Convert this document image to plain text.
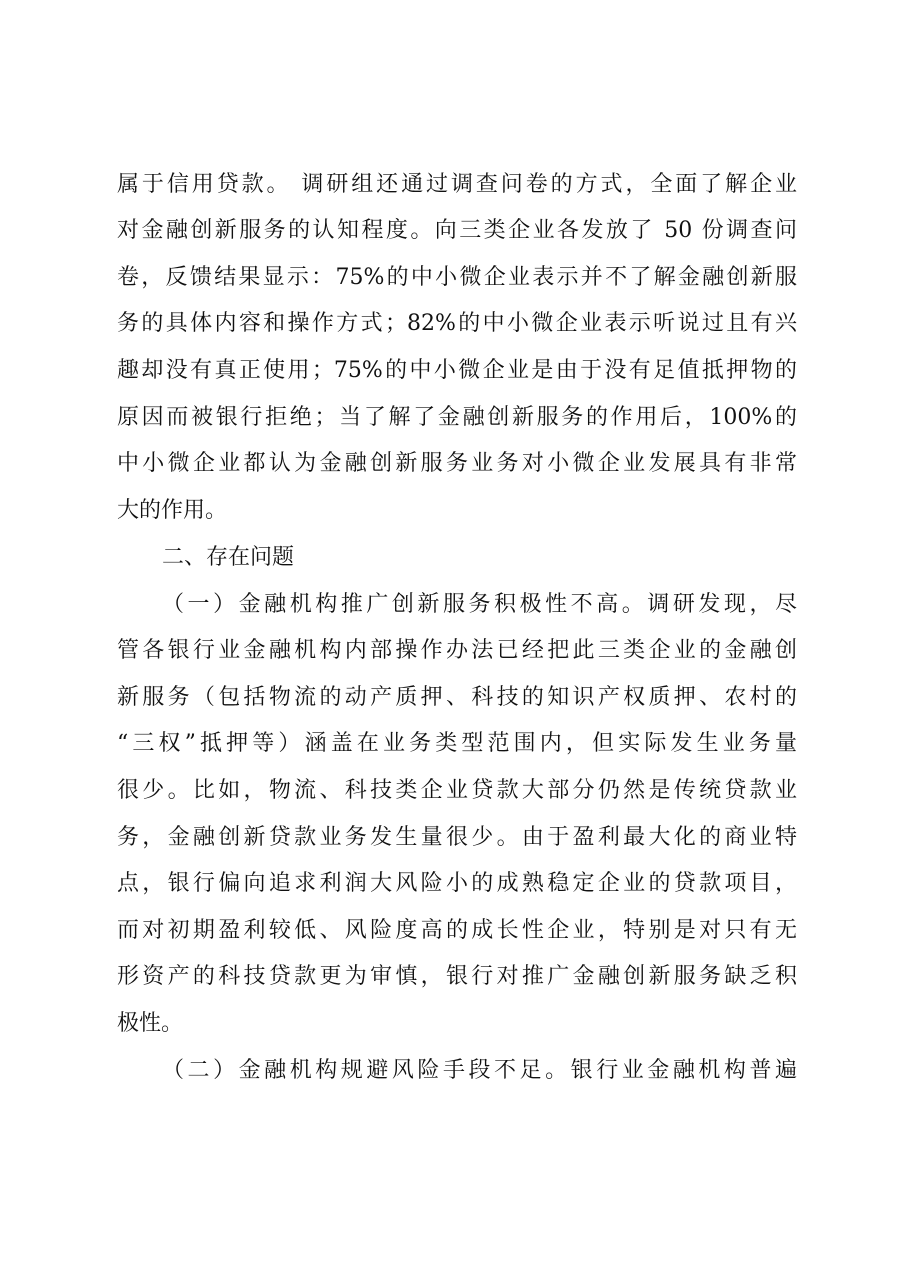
属于信用贷款。 调研组还通过调查问卷的方式，全面了解企业
对金融创新服务的认知程度。向三类企业各发放了 50 份调查问
卷，反馈结果显示：75%的中小微企业表示并不了解金融创新服
务的具体内容和操作方式；82%的中小微企业表示听说过且有兴
趣却没有真正使用；75%的中小微企业是由于没有足值抵押物的
原因而被银行拒绝；当了解了金融创新服务的作用后，100%的
中小微企业都认为金融创新服务业务对小微企业发展具有非常
大的作用。
二、存在问题
（一）金融机构推广创新服务积极性不高。调研发现，尽
管各银行业金融机构内部操作办法已经把此三类企业的金融创
新服务（包括物流的动产质押、科技的知识产权质押、农村的
“三权”抵押等）涵盖在业务类型范围内，但实际发生业务量
很少。比如，物流、科技类企业贷款大部分仍然是传统贷款业
务，金融创新贷款业务发生量很少。由于盈利最大化的商业特
点，银行偏向追求利润大风险小的成熟稳定企业的贷款项目，
而对初期盈利较低、风险度高的成长性企业，特别是对只有无
形资产的科技贷款更为审慎，银行对推广金融创新服务缺乏积
极性。
（二）金融机构规避风险手段不足。银行业金融机构普遍
